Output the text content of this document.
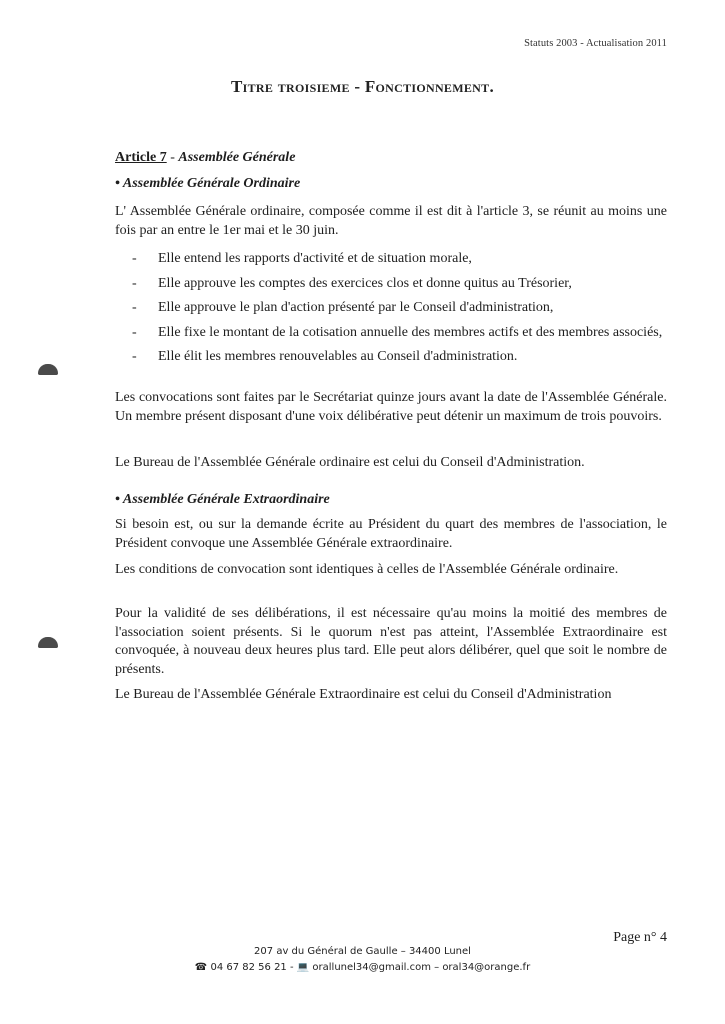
Statuts 2003 - Actualisation 2011
Titre troisieme - Fonctionnement.
Article 7 - Assemblée Générale
• Assemblée Générale Ordinaire
L' Assemblée Générale ordinaire, composée comme il est dit à l'article 3, se réunit au moins une fois par an entre le 1er mai et le 30 juin.
- Elle entend les rapports d'activité et de situation morale,
- Elle approuve les comptes des exercices clos et donne quitus au Trésorier,
- Elle approuve le plan d'action présenté par le Conseil d'administration,
- Elle fixe le montant de la cotisation annuelle des membres actifs et des membres associés,
- Elle élit les membres renouvelables au Conseil d'administration.
Les convocations sont faites par le Secrétariat quinze jours avant la date de l'Assemblée Générale. Un membre présent disposant d'une voix délibérative peut détenir un maximum de trois pouvoirs.
Le Bureau de l'Assemblée Générale ordinaire est celui du Conseil d'Administration.
• Assemblée Générale Extraordinaire
Si besoin est, ou sur la demande écrite au Président du quart des membres de l'association, le Président convoque une Assemblée Générale extraordinaire.
Les conditions de convocation sont identiques à celles de l'Assemblée Générale ordinaire.
Pour la validité de ses délibérations, il est nécessaire qu'au moins la moitié des membres de l'association soient présents. Si le quorum n'est pas atteint, l'Assemblée Extraordinaire est convoquée, à nouveau deux heures plus tard. Elle peut alors délibérer, quel que soit le nombre de présents.
Le Bureau de l'Assemblée Générale Extraordinaire est celui du Conseil d'Administration
Page n° 4
207 av du Général de Gaulle – 34400 Lunel
☎ 04 67 82 56 21 - 💻 orallunel34@gmail.com – oral34@orange.fr
